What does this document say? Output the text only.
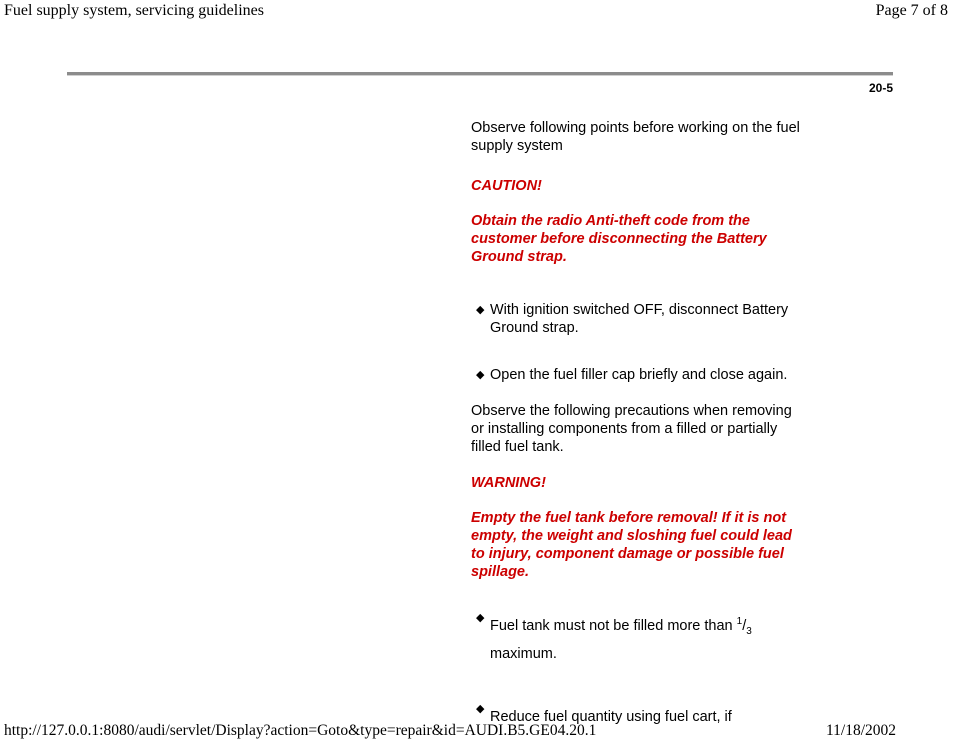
Fuel supply system, servicing guidelines	Page 7 of 8
20-5

Observe following points before working on the fuel supply system

CAUTION!

Obtain the radio Anti-theft code from the customer before disconnecting the Battery Ground strap.

◆ With ignition switched OFF, disconnect Battery Ground strap.
◆ Open the fuel filler cap briefly and close again.

Observe the following precautions when removing or installing components from a filled or partially filled fuel tank.

WARNING!

Empty the fuel tank before removal! If it is not empty, the weight and sloshing fuel could lead to injury, component damage or possible fuel spillage.

◆ Fuel tank must not be filled more than $^1/_3$
maximum.
◆ Reduce fuel quantity using fuel cart, if
http://127.0.0.1:8080/audi/servlet/Display?action=Goto&type=repair&id=AUDI.B5.GE04.20.1	11/18/2002
